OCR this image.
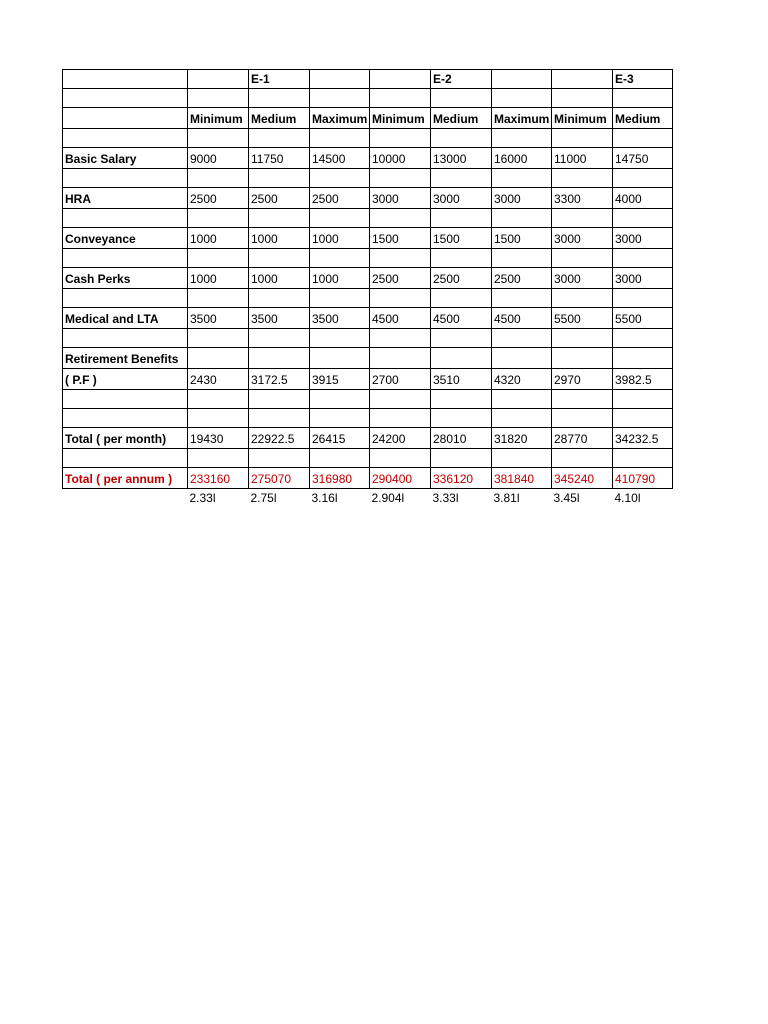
		E-1			E-2			E-3

	Minimum	Medium	Maximum	Minimum	Medium	Maximum	Minimum	Medium

Basic Salary	9000	11750	14500	10000	13000	16000	11000	14750

HRA	2500	2500	2500	3000	3000	3000	3300	4000

Conveyance	1000	1000	1000	1500	1500	1500	3000	3000

Cash Perks	1000	1000	1000	2500	2500	2500	3000	3000

Medical and LTA	3500	3500	3500	4500	4500	4500	5500	5500

Retirement Benefits								
( P.F )	2430	3172.5	3915	2700	3510	4320	2970	3982.5

Total ( per month)	19430	22922.5	26415	24200	28010	31820	28770	34232.5

Total ( per annum )	233160	275070	316980	290400	336120	381840	345240	410790
	2.33l	2.75l	3.16l	2.904l	3.33l	3.81l	3.45l	4.10l
